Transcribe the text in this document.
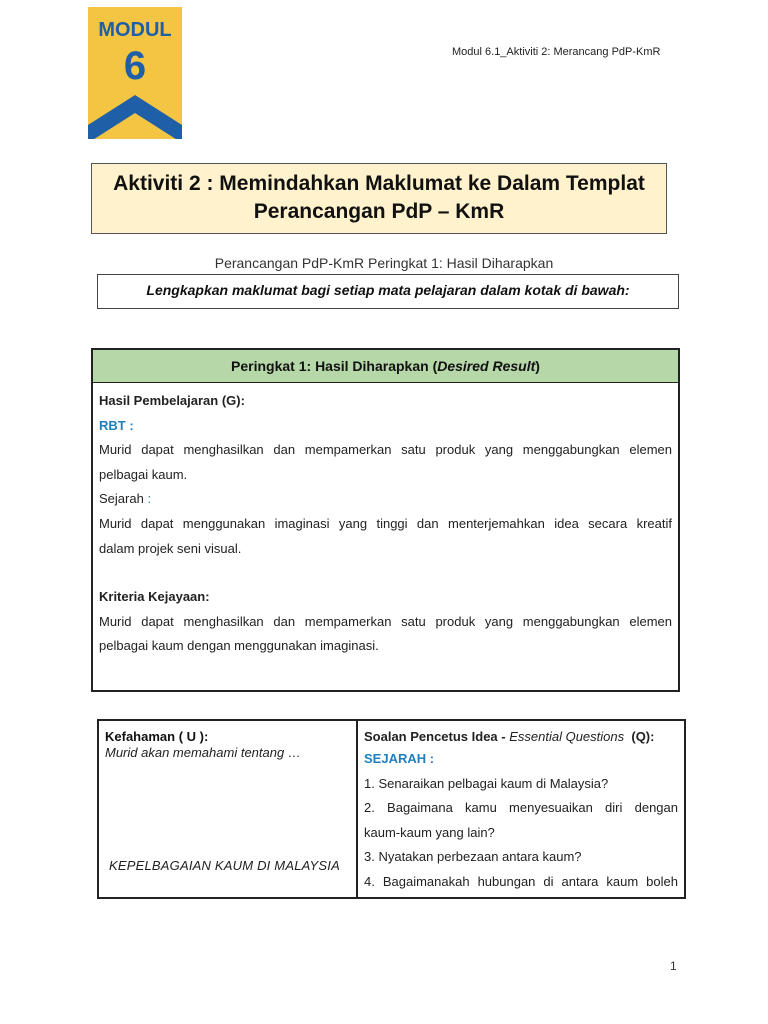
MODUL
6	Modul 6.1_Aktiviti 2: Merancang PdP-KmR
Aktiviti 2 : Memindahkan Maklumat ke Dalam Templat
Perancangan PdP – KmR
Perancangan PdP-KmR Peringkat 1: Hasil Diharapkan
Lengkapkan maklumat bagi setiap mata pelajaran dalam kotak di bawah:
Peringkat 1: Hasil Diharapkan (Desired Result)
Hasil Pembelajaran (G):
RBT :
Murid dapat menghasilkan dan mempamerkan satu produk yang menggabungkan elemen
pelbagai kaum.
Sejarah :
Murid dapat menggunakan imaginasi yang tinggi dan menterjemahkan idea secara kreatif
dalam projek seni visual.
Kriteria Kejayaan:
Murid dapat menghasilkan dan mempamerkan satu produk yang menggabungkan elemen
pelbagai kaum dengan menggunakan imaginasi.
Kefahaman ( U ):
Murid akan memahami tentang …
KEPELBAGAIAN KAUM DI MALAYSIA
Soalan Pencetus Idea - Essential Questions (Q):
SEJARAH :
1. Senaraikan pelbagai kaum di Malaysia?
2. Bagaimana kamu menyesuaikan diri dengan
kaum-kaum yang lain?
3. Nyatakan perbezaan antara kaum?
4. Bagaimanakah hubungan di antara kaum boleh
1
